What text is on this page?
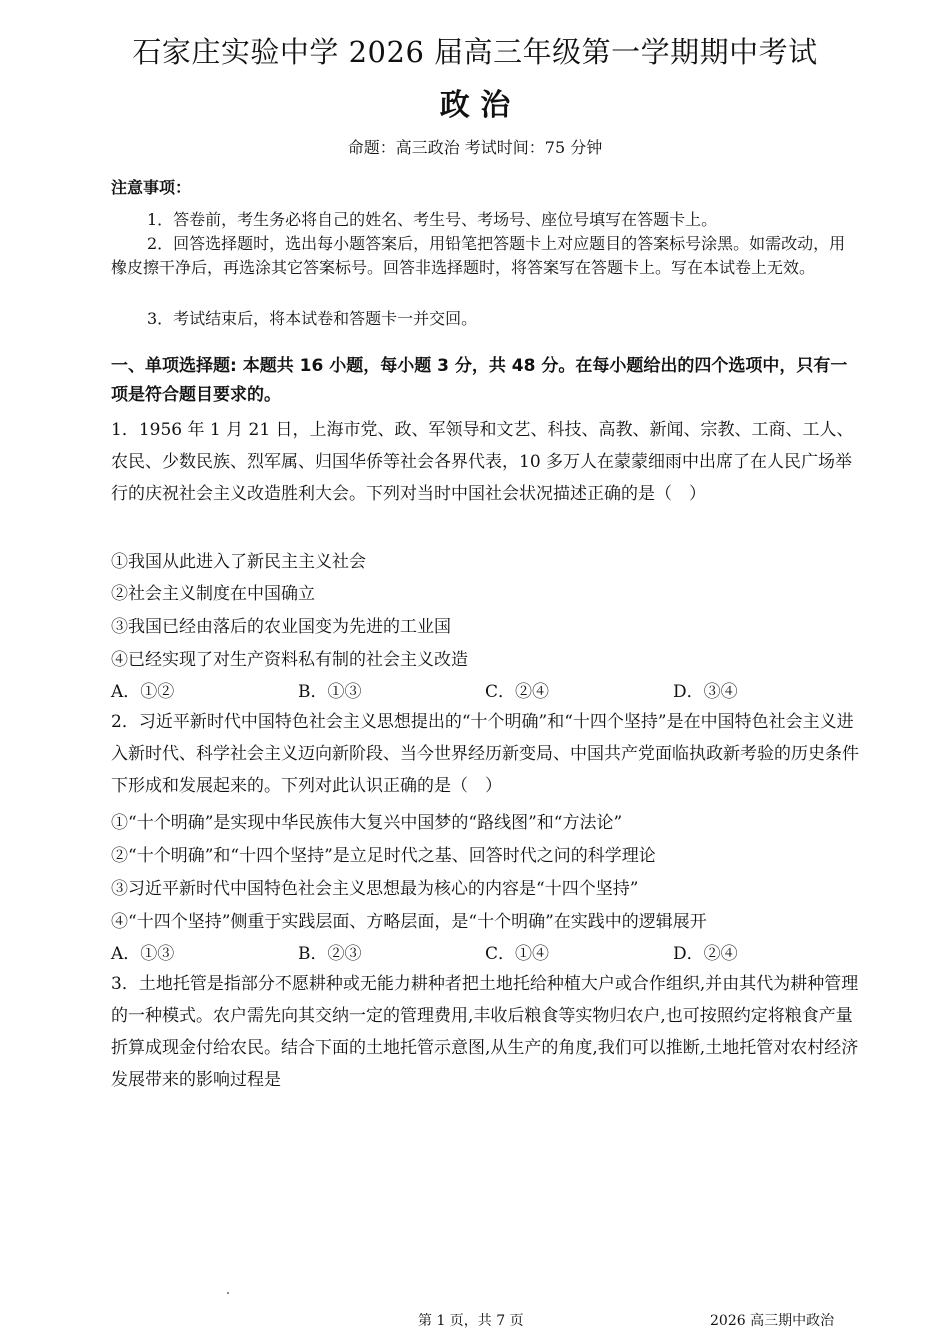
石家庄实验中学 2026 届高三年级第一学期期中考试
政 治
命题：高三政治 考试时间：75 分钟
注意事项：
1．答卷前，考生务必将自己的姓名、考生号、考场号、座位号填写在答题卡上。
2．回答选择题时，选出每小题答案后，用铅笔把答题卡上对应题目的答案标号涂黑。如需改动，用橡皮擦干净后，再选涂其它答案标号。回答非选择题时，将答案写在答题卡上。写在本试卷上无效。
3．考试结束后，将本试卷和答题卡一并交回。
一、单项选择题: 本题共 16 小题，每小题 3 分，共 48 分。在每小题给出的四个选项中，只有一项是符合题目要求的。
1．1956 年 1 月 21 日，上海市党、政、军领导和文艺、科技、高教、新闻、宗教、工商、工人、农民、少数民族、烈军属、归国华侨等社会各界代表，10 多万人在蒙蒙细雨中出席了在人民广场举行的庆祝社会主义改造胜利大会。下列对当时中国社会状况描述正确的是（　）
①我国从此进入了新民主主义社会
②社会主义制度在中国确立
③我国已经由落后的农业国变为先进的工业国
④已经实现了对生产资料私有制的社会主义改造
A．①②	B．①③	C．②④	D．③④
2．习近平新时代中国特色社会主义思想提出的“十个明确”和“十四个坚持”是在中国特色社会主义进入新时代、科学社会主义迈向新阶段、当今世界经历新变局、中国共产党面临执政新考验的历史条件下形成和发展起来的。下列对此认识正确的是（　）
①“十个明确”是实现中华民族伟大复兴中国梦的“路线图”和“方法论”
②“十个明确”和“十四个坚持”是立足时代之基、回答时代之问的科学理论
③习近平新时代中国特色社会主义思想最为核心的内容是“十四个坚持”
④“十四个坚持”侧重于实践层面、方略层面，是“十个明确”在实践中的逻辑展开
A．①③	B．②③	C．①④	D．②④
3．土地托管是指部分不愿耕种或无能力耕种者把土地托给种植大户或合作组织,并由其代为耕种管理的一种模式。农户需先向其交纳一定的管理费用,丰收后粮食等实物归农户,也可按照约定将粮食产量折算成现金付给农民。结合下面的土地托管示意图,从生产的角度,我们可以推断,土地托管对农村经济发展带来的影响过程是
第 1 页，共 7 页	2026 高三期中政治
